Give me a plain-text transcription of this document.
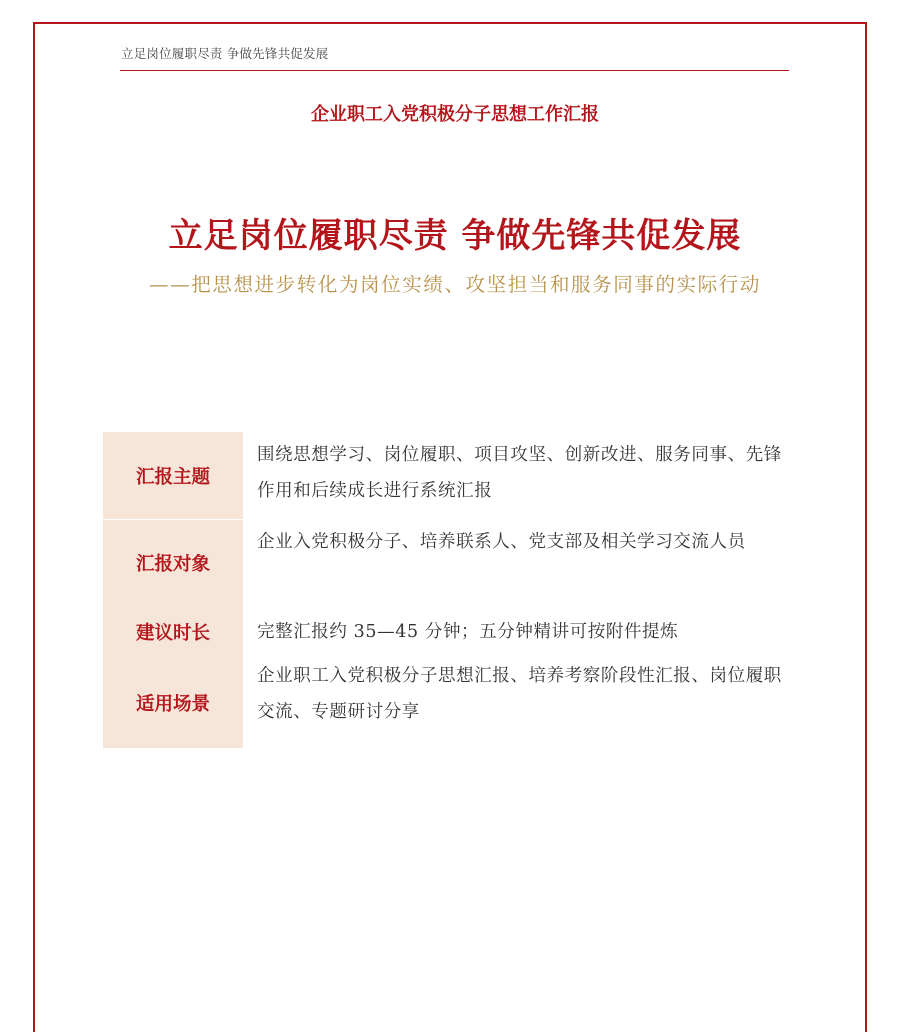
立足岗位履职尽责 争做先锋共促发展
企业职工入党积极分子思想工作汇报
立足岗位履职尽责 争做先锋共促发展
——把思想进步转化为岗位实绩、攻坚担当和服务同事的实际行动
汇报主题
围绕思想学习、岗位履职、项目攻坚、创新改进、服务同事、先锋作用和后续成长进行系统汇报
汇报对象
企业入党积极分子、培养联系人、党支部及相关学习交流人员
建议时长	完整汇报约 35—45 分钟；五分钟精讲可按附件提炼
适用场景
企业职工入党积极分子思想汇报、培养考察阶段性汇报、岗位履职交流、专题研讨分享
